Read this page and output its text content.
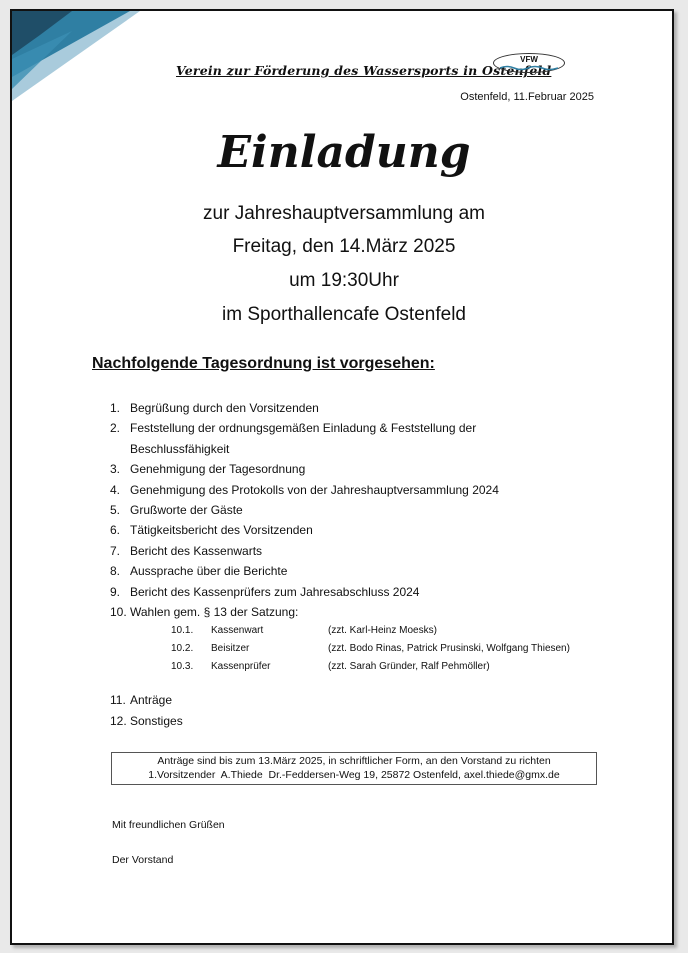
Verein zur Förderung des Wassersports in Ostenfeld
VFW
Ostenfeld, 11.Februar 2025
Einladung
zur Jahreshauptversammlung am
Freitag, den 14.März 2025
um 19:30Uhr
im Sporthallencafe Ostenfeld
Nachfolgende Tagesordnung ist vorgesehen:
1. Begrüßung durch den Vorsitzenden
2. Feststellung der ordnungsgemäßen Einladung & Feststellung der Beschlussfähigkeit
3. Genehmigung der Tagesordnung
4. Genehmigung des Protokolls von der Jahreshauptversammlung 2024
5. Grußworte der Gäste
6. Tätigkeitsbericht des Vorsitzenden
7. Bericht des Kassenwarts
8. Aussprache über die Berichte
9. Bericht des Kassenprüfers zum Jahresabschluss 2024
10. Wahlen gem. § 13 der Satzung:
10.1.	Kassenwart	(zzt. Karl-Heinz Moesks)
10.2.	Beisitzer	(zzt. Bodo Rinas, Patrick Prusinski, Wolfgang Thiesen)
10.3.	Kassenprüfer	(zzt. Sarah Gründer, Ralf Pehmöller)
11. Anträge
12. Sonstiges
Anträge sind bis zum 13.März 2025, in schriftlicher Form, an den Vorstand zu richten
1.Vorsitzender  A.Thiede  Dr.-Feddersen-Weg 19, 25872 Ostenfeld, axel.thiede@gmx.de
Mit freundlichen Grüßen
Der Vorstand
